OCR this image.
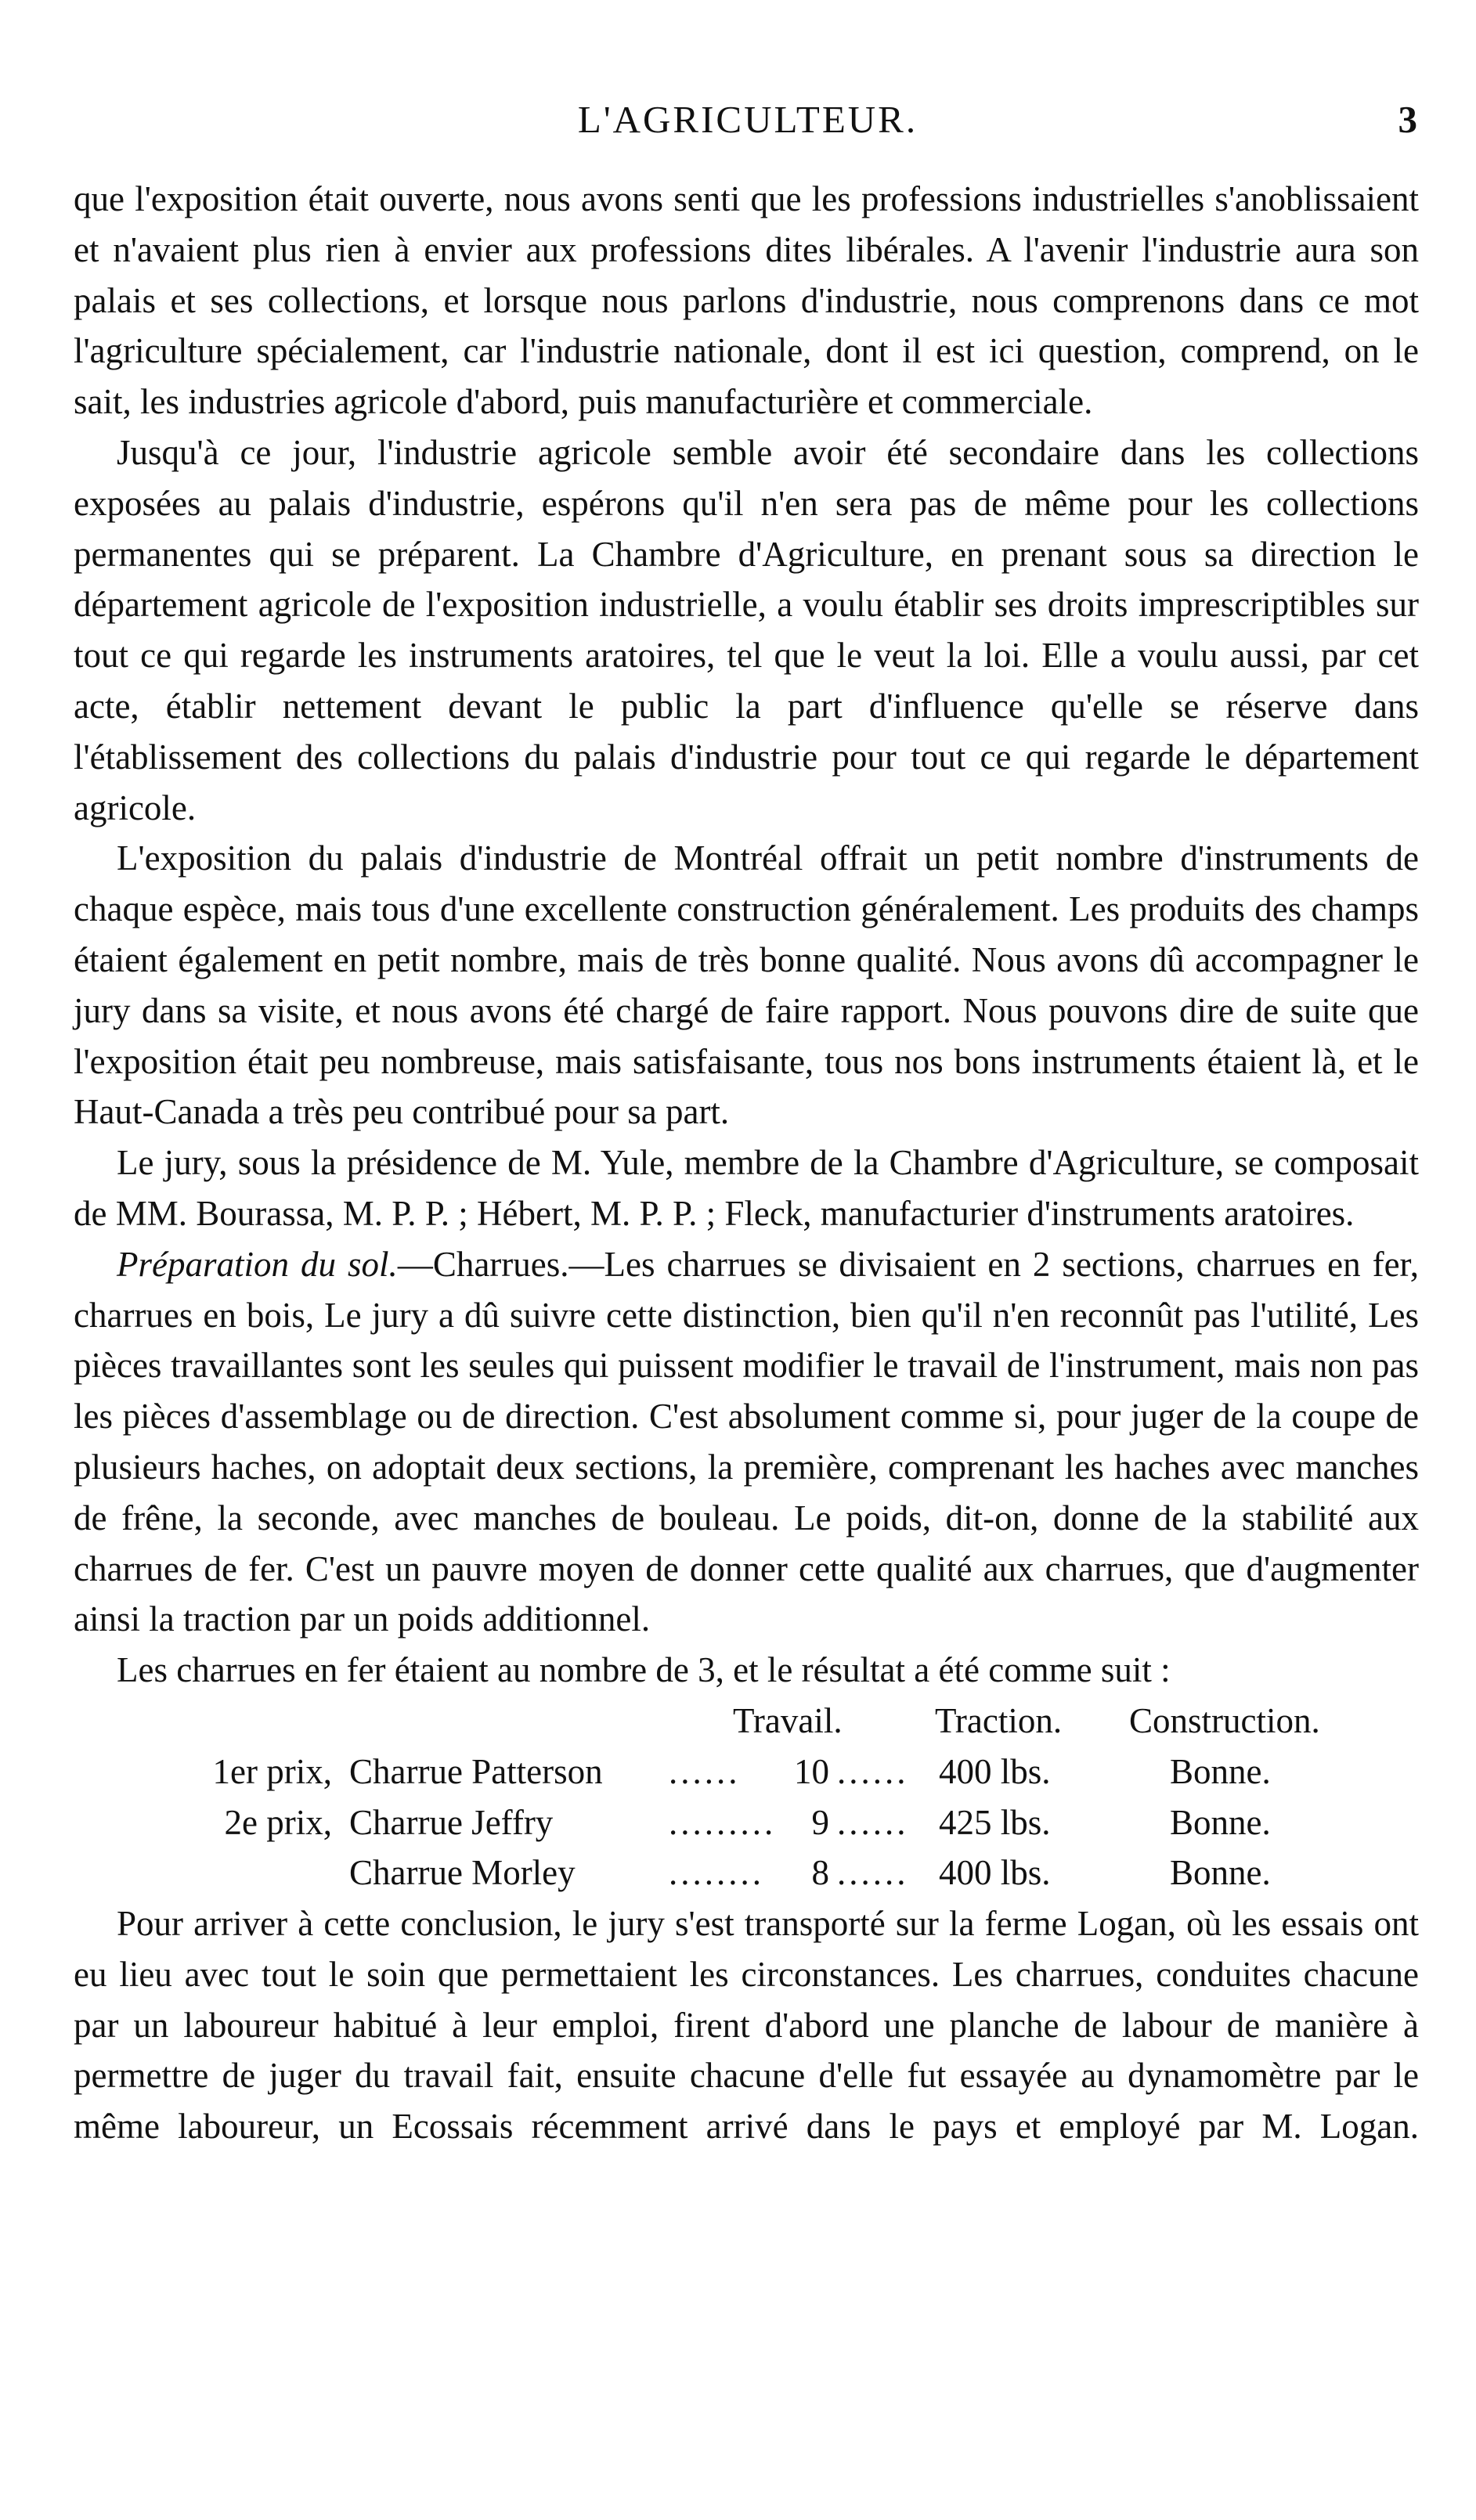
L'AGRICULTEUR.	3

que l'exposition était ouverte, nous avons senti que les professions industrielles s'anoblissaient et n'avaient plus rien à envier aux professions dites libérales. A l'avenir l'industrie aura son palais et ses collections, et lorsque nous parlons d'industrie, nous comprenons dans ce mot l'agriculture spécialement, car l'industrie nationale, dont il est ici question, comprend, on le sait, les industries agricole d'abord, puis manufacturière et commerciale.

Jusqu'à ce jour, l'industrie agricole semble avoir été secondaire dans les collections exposées au palais d'industrie, espérons qu'il n'en sera pas de même pour les collections permanentes qui se préparent. La Chambre d'Agriculture, en prenant sous sa direction le département agricole de l'exposition industrielle, a voulu établir ses droits imprescriptibles sur tout ce qui regarde les instruments aratoires, tel que le veut la loi. Elle a voulu aussi, par cet acte, établir nettement devant le public la part d'influence qu'elle se réserve dans l'établissement des collections du palais d'industrie pour tout ce qui regarde le département agricole.

L'exposition du palais d'industrie de Montréal offrait un petit nombre d'instruments de chaque espèce, mais tous d'une excellente construction généralement. Les produits des champs étaient également en petit nombre, mais de très bonne qualité. Nous avons dû accompagner le jury dans sa visite, et nous avons été chargé de faire rapport. Nous pouvons dire de suite que l'exposition était peu nombreuse, mais satisfaisante, tous nos bons instruments étaient là, et le Haut-Canada a très peu contribué pour sa part.

Le jury, sous la présidence de M. Yule, membre de la Chambre d'Agriculture, se composait de MM. Bourassa, M. P. P. ; Hébert, M. P. P. ; Fleck, manufacturier d'instruments aratoires.

Préparation du sol.—Charrues.—Les charrues se divisaient en 2 sections, charrues en fer, charrues en bois, Le jury a dû suivre cette distinction, bien qu'il n'en reconnût pas l'utilité, Les pièces travaillantes sont les seules qui puissent modifier le travail de l'instrument, mais non pas les pièces d'assemblage ou de direction. C'est absolument comme si, pour juger de la coupe de plusieurs haches, on adoptait deux sections, la première, comprenant les haches avec manches de frêne, la seconde, avec manches de bouleau. Le poids, dit-on, donne de la stabilité aux charrues de fer. C'est un pauvre moyen de donner cette qualité aux charrues, que d'augmenter ainsi la traction par un poids additionnel.

Les charrues en fer étaient au nombre de 3, et le résultat a été comme suit :

Travail.	Traction. Construction.
1er prix, Charrue Patterson ......	10 ...... 400 lbs.	Bonne.
2e prix, Charrue Jeffry	.........	9 ...... 425 lbs.	Bonne.
Charrue Morley	........	8 ...... 400 lbs.	Bonne.

Pour arriver à cette conclusion, le jury s'est transporté sur la ferme Logan, où les essais ont eu lieu avec tout le soin que permettaient les circonstances. Les charrues, conduites chacune par un laboureur habitué à leur emploi, firent d'abord une planche de labour de manière à permettre de juger du travail fait, ensuite chacune d'elle fut essayée au dynamomètre par le même laboureur, un Ecossais récemment arrivé dans le pays et employé par M. Logan.
